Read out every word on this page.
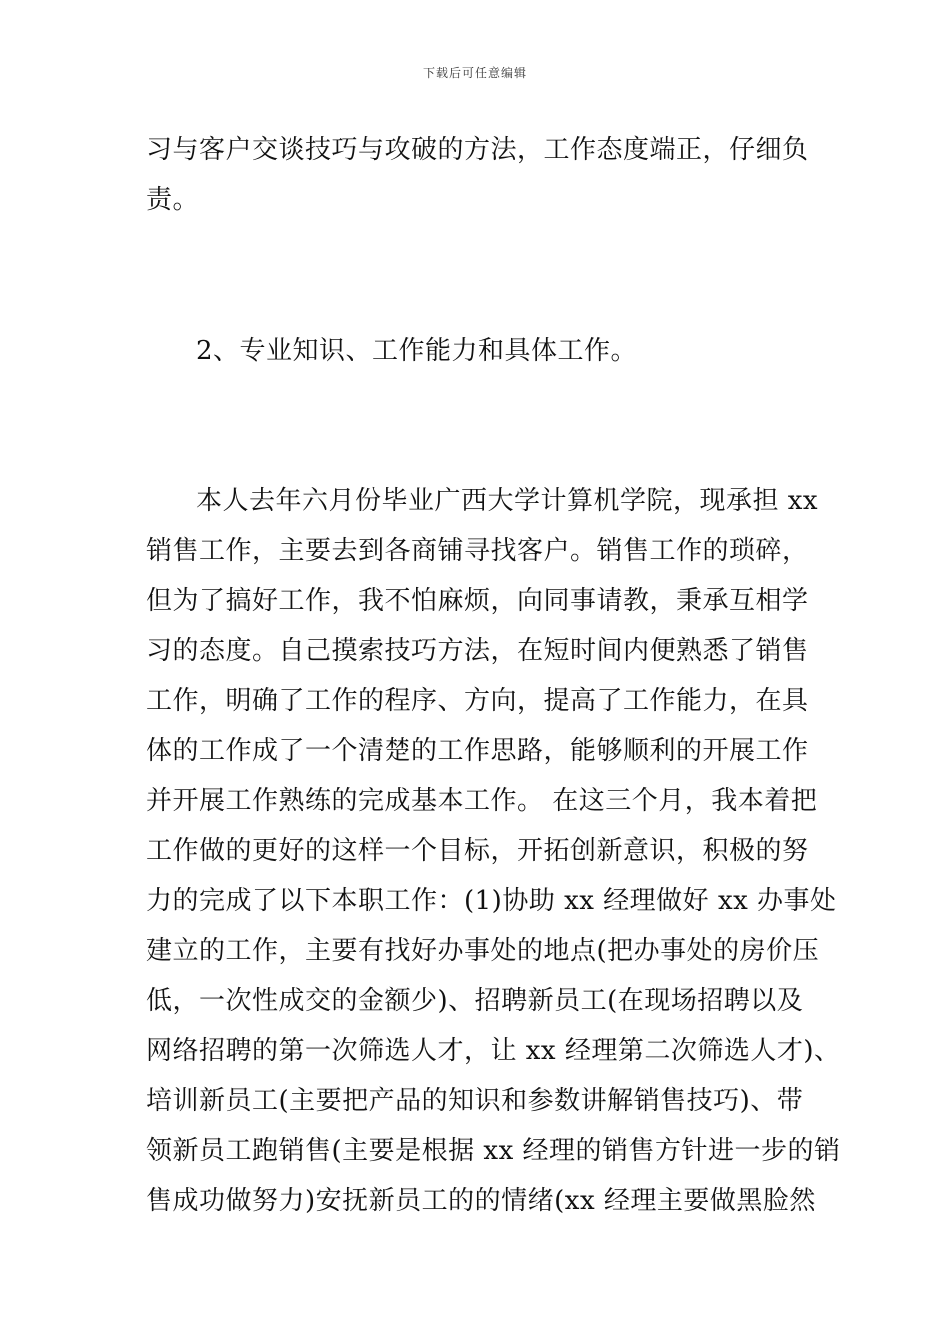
下载后可任意编辑
习与客户交谈技巧与攻破的方法，工作态度端正，仔细负
责。
2、专业知识、工作能力和具体工作。
本人去年六月份毕业广西大学计算机学院，现承担 xx
销售工作，主要去到各商铺寻找客户。销售工作的琐碎，
但为了搞好工作，我不怕麻烦，向同事请教，秉承互相学
习的态度。自己摸索技巧方法，在短时间内便熟悉了销售
工作，明确了工作的程序、方向，提高了工作能力，在具
体的工作成了一个清楚的工作思路，能够顺利的开展工作
并开展工作熟练的完成基本工作。 在这三个月，我本着把
工作做的更好的这样一个目标，开拓创新意识，积极的努
力的完成了以下本职工作：(1)协助 xx 经理做好 xx 办事处
建立的工作，主要有找好办事处的地点(把办事处的房价压
低，一次性成交的金额少)、招聘新员工(在现场招聘以及
网络招聘的第一次筛选人才，让 xx 经理第二次筛选人才)、
培训新员工(主要把产品的知识和参数讲解销售技巧)、带
领新员工跑销售(主要是根据 xx 经理的销售方针进一步的销
售成功做努力)安抚新员工的的情绪(xx 经理主要做黑脸然
